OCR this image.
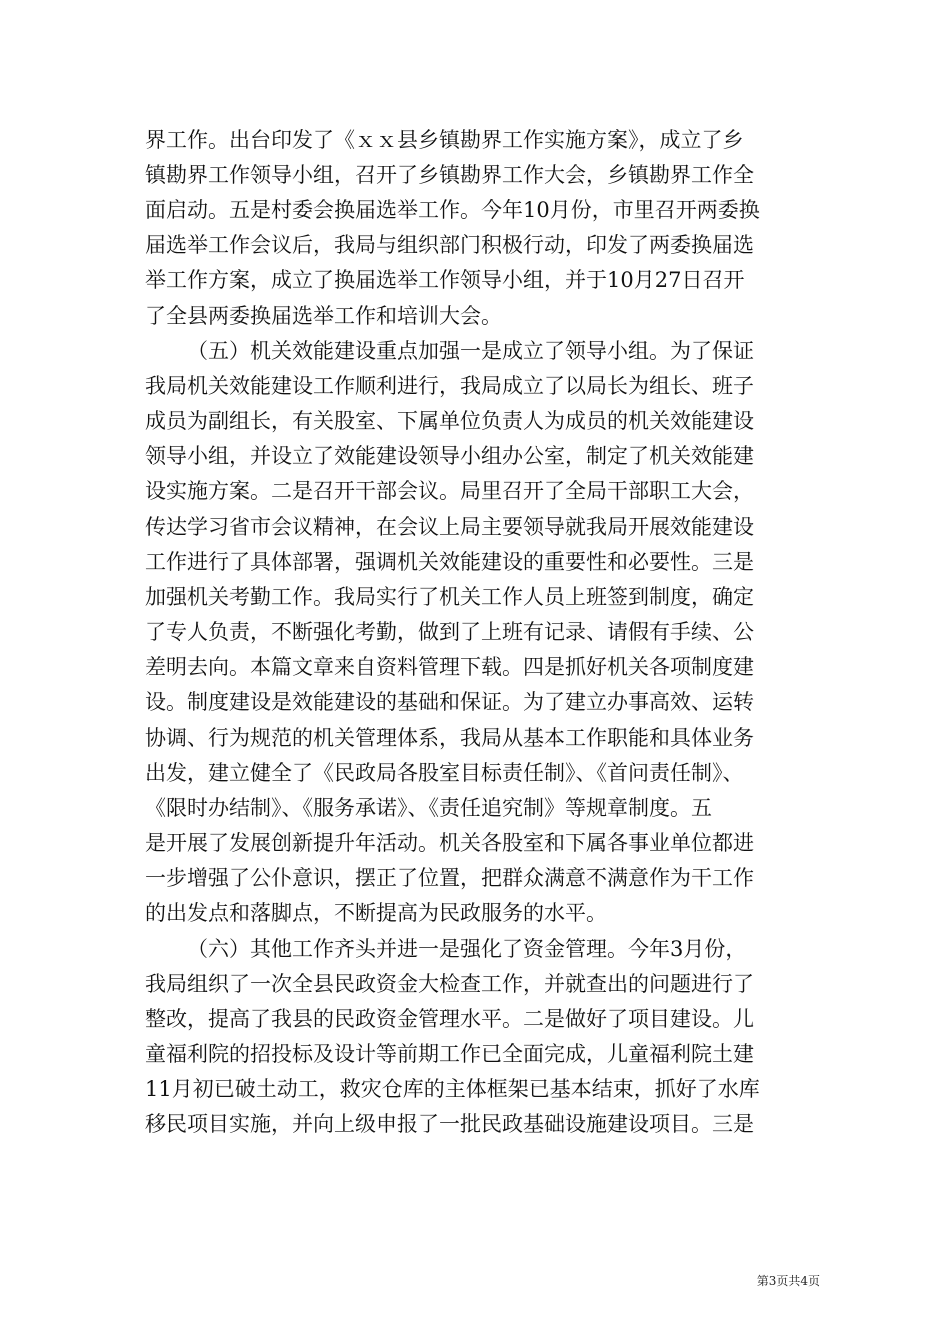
界工作。出台印发了《ｘｘ县乡镇勘界工作实施方案》，成立了乡
镇勘界工作领导小组，召开了乡镇勘界工作大会，乡镇勘界工作全
面启动。五是村委会换届选举工作。今年10月份，市里召开两委换
届选举工作会议后，我局与组织部门积极行动，印发了两委换届选
举工作方案，成立了换届选举工作领导小组，并于10月27日召开
了全县两委换届选举工作和培训大会。
（五）机关效能建设重点加强一是成立了领导小组。为了保证
我局机关效能建设工作顺利进行，我局成立了以局长为组长、班子
成员为副组长，有关股室、下属单位负责人为成员的机关效能建设
领导小组，并设立了效能建设领导小组办公室，制定了机关效能建
设实施方案。二是召开干部会议。局里召开了全局干部职工大会，
传达学习省市会议精神，在会议上局主要领导就我局开展效能建设
工作进行了具体部署，强调机关效能建设的重要性和必要性。三是
加强机关考勤工作。我局实行了机关工作人员上班签到制度，确定
了专人负责，不断强化考勤，做到了上班有记录、请假有手续、公
差明去向。本篇文章来自资料管理下载。四是抓好机关各项制度建
设。制度建设是效能建设的基础和保证。为了建立办事高效、运转
协调、行为规范的机关管理体系，我局从基本工作职能和具体业务
出发，建立健全了《民政局各股室目标责任制》、《首问责任制》、
《限时办结制》、《服务承诺》、《责任追究制》等规章制度。五
是开展了发展创新提升年活动。机关各股室和下属各事业单位都进
一步增强了公仆意识，摆正了位置，把群众满意不满意作为干工作
的出发点和落脚点，不断提高为民政服务的水平。
（六）其他工作齐头并进一是强化了资金管理。今年3月份，
我局组织了一次全县民政资金大检查工作，并就查出的问题进行了
整改，提高了我县的民政资金管理水平。二是做好了项目建设。儿
童福利院的招投标及设计等前期工作已全面完成，儿童福利院土建
11月初已破土动工，救灾仓库的主体框架已基本结束，抓好了水库
移民项目实施，并向上级申报了一批民政基础设施建设项目。三是
第3页共4页
